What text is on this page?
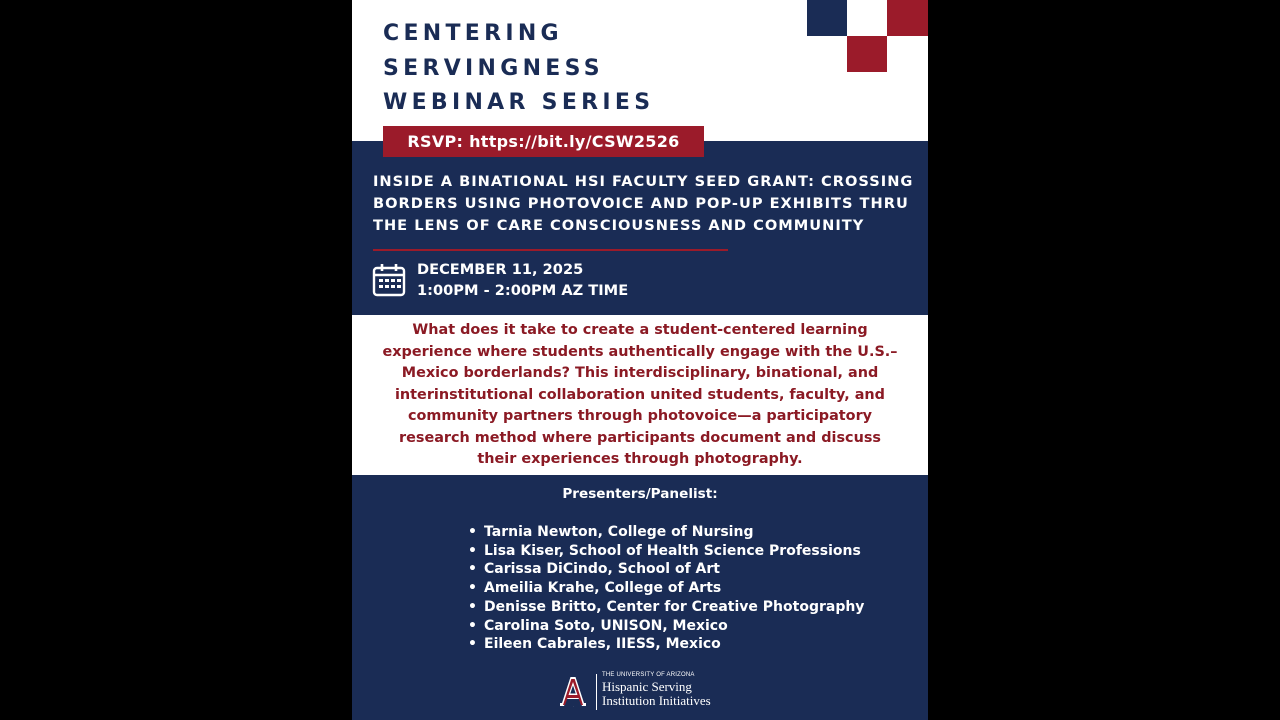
CENTERING
SERVINGNESS
WEBINAR SERIES
RSVP: https://bit.ly/CSW2526
INSIDE A BINATIONAL HSI FACULTY SEED GRANT: CROSSING
BORDERS USING PHOTOVOICE AND POP-UP EXHIBITS THRU
THE LENS OF CARE CONSCIOUSNESS AND COMMUNITY
DECEMBER 11, 2025
1:00PM - 2:00PM AZ TIME

What does it take to create a student-centered learning
experience where students authentically engage with the U.S.–
Mexico borderlands? This interdisciplinary, binational, and
interinstitutional collaboration united students, faculty, and
community partners through photovoice—a participatory
research method where participants document and discuss
their experiences through photography.

Presenters/Panelist:
• Tarnia Newton, College of Nursing
• Lisa Kiser, School of Health Science Professions
• Carissa DiCindo, School of Art
• Ameilia Krahe, College of Arts
• Denisse Britto, Center for Creative Photography
• Carolina Soto, UNISON, Mexico
• Eileen Cabrales, IIESS, Mexico
A
THE UNIVERSITY OF ARIZONA
Hispanic Serving
Institution Initiatives
